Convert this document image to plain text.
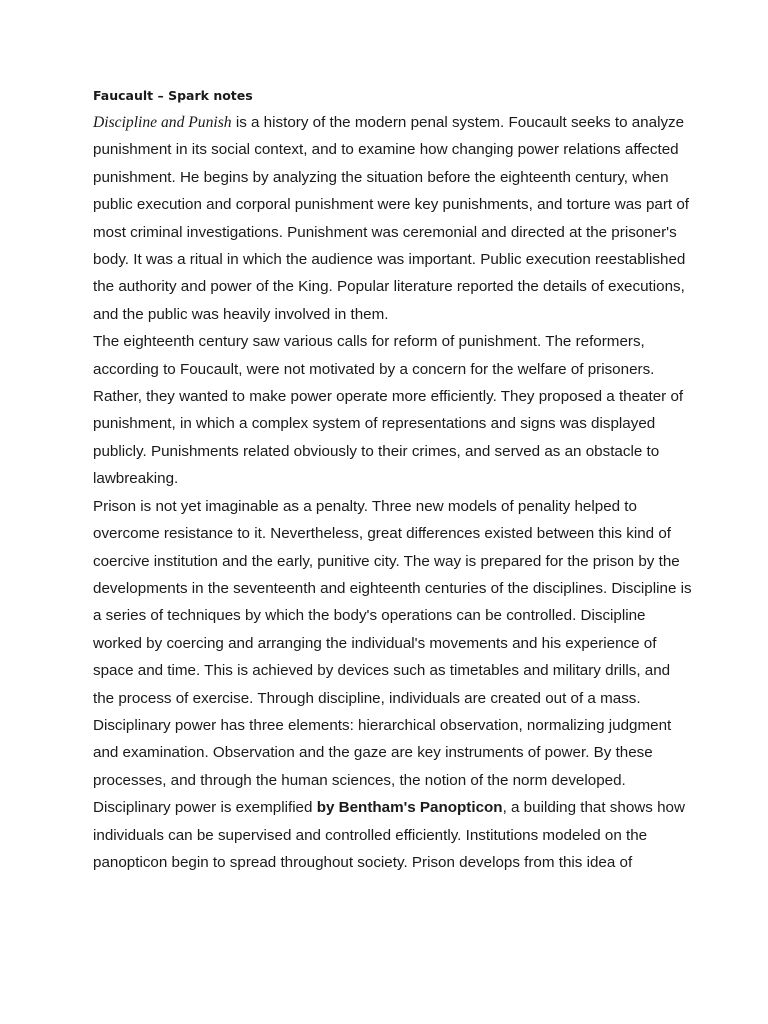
Faucault – Spark notes

Discipline and Punish is a history of the modern penal system. Foucault seeks to analyze punishment in its social context, and to examine how changing power relations affected punishment. He begins by analyzing the situation before the eighteenth century, when public execution and corporal punishment were key punishments, and torture was part of most criminal investigations. Punishment was ceremonial and directed at the prisoner's body. It was a ritual in which the audience was important. Public execution reestablished the authority and power of the King. Popular literature reported the details of executions, and the public was heavily involved in them.

The eighteenth century saw various calls for reform of punishment. The reformers, according to Foucault, were not motivated by a concern for the welfare of prisoners. Rather, they wanted to make power operate more efficiently. They proposed a theater of punishment, in which a complex system of representations and signs was displayed publicly. Punishments related obviously to their crimes, and served as an obstacle to lawbreaking.

Prison is not yet imaginable as a penalty. Three new models of penality helped to overcome resistance to it. Nevertheless, great differences existed between this kind of coercive institution and the early, punitive city. The way is prepared for the prison by the developments in the seventeenth and eighteenth centuries of the disciplines. Discipline is a series of techniques by which the body's operations can be controlled. Discipline worked by coercing and arranging the individual's movements and his experience of space and time. This is achieved by devices such as timetables and military drills, and the process of exercise. Through discipline, individuals are created out of a mass. Disciplinary power has three elements: hierarchical observation, normalizing judgment and examination. Observation and the gaze are key instruments of power. By these processes, and through the human sciences, the notion of the norm developed.

Disciplinary power is exemplified by Bentham's Panopticon, a building that shows how individuals can be supervised and controlled efficiently. Institutions modeled on the panopticon begin to spread throughout society. Prison develops from this idea of
